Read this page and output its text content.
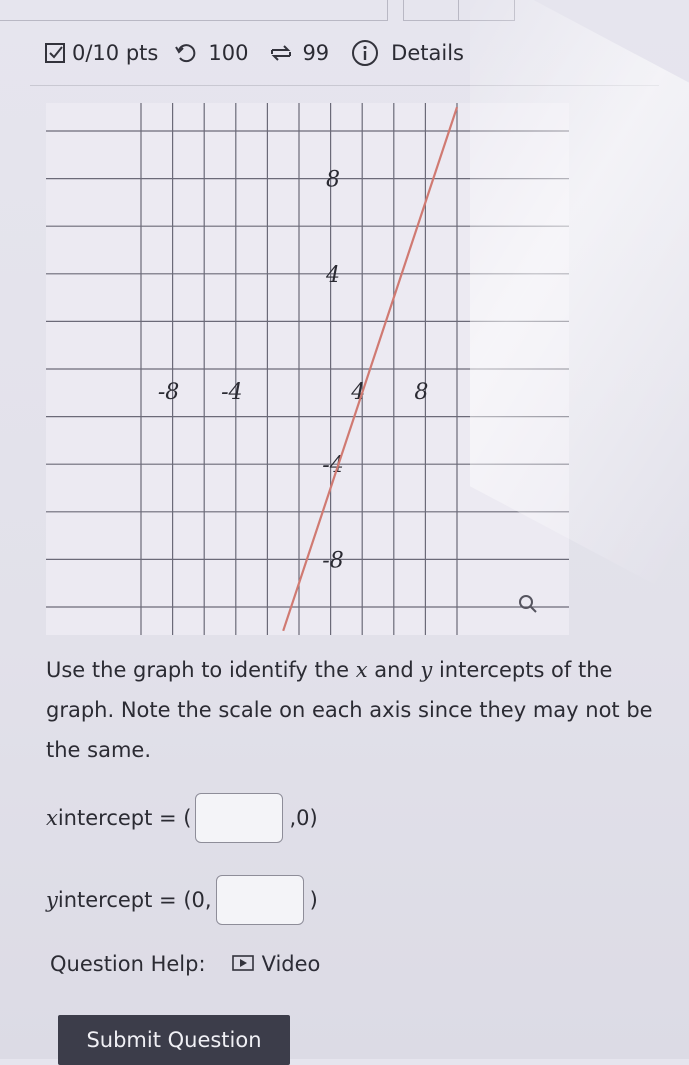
0/10 pts 100	99	Details
-8 -4	4 8
8
4
-4
-8
Use the graph to identify the x and y intercepts of the graph. Note the scale on each axis since they may not be the same.
x intercept = (	,0)
y intercept = (0,	)
Question Help:	Video
Submit Question
